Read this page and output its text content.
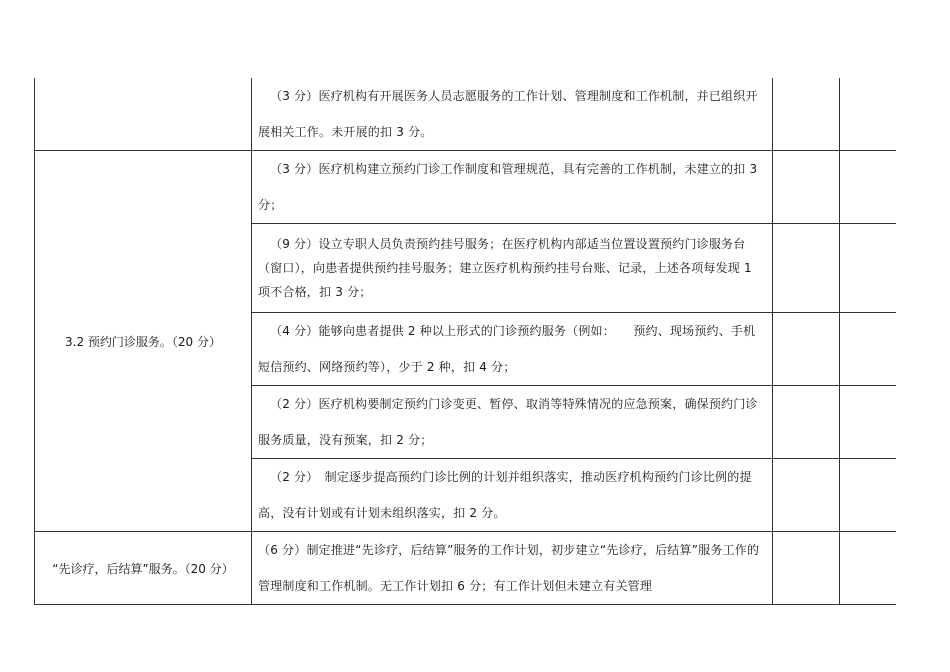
	（3 分）医疗机构有开展医务人员志愿服务的工作计划、管理制度和工作机制，并已组织开展相关工作。未开展的扣 3 分。		

3.2 预约门诊服务。（20 分）	（3 分）医疗机构建立预约门诊工作制度和管理规范，具有完善的工作机制，未建立的扣 3 分；		

	（9 分）设立专职人员负责预约挂号服务；在医疗机构内部适当位置设置预约门诊服务台（窗口），向患者提供预约挂号服务；建立医疗机构预约挂号台账、记录，上述各项每发现 1 项不合格，扣 3 分；		

	（4 分）能够向患者提供 2 种以上形式的门诊预约服务（例如：　　预约、现场预约、手机短信预约、网络预约等），少于 2 种，扣 4 分；		

	（2 分）医疗机构要制定预约门诊变更、暂停、取消等特殊情况的应急预案，确保预约门诊服务质量，没有预案，扣 2 分；		

	（2 分）　制定逐步提高预约门诊比例的计划并组织落实，推动医疗机构预约门诊比例的提高，没有计划或有计划未组织落实，扣 2 分。		

“先诊疗，后结算”服务。（20 分）	（6 分）制定推进“先诊疗，后结算”服务的工作计划，初步建立“先诊疗，后结算”服务工作的管理制度和工作机制。无工作计划扣 6 分；有工作计划但未建立有关管理		
